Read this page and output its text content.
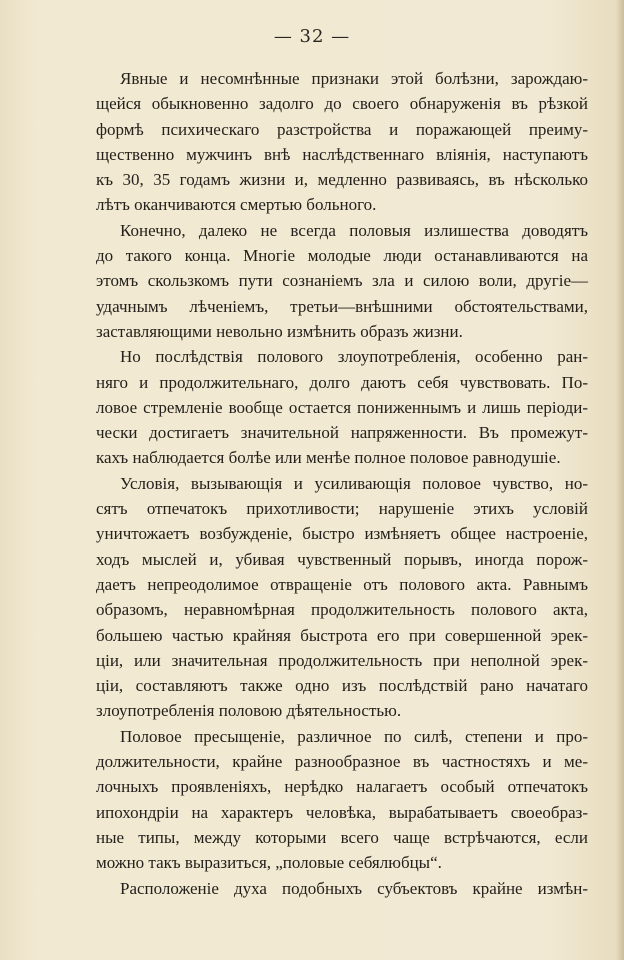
— 32 —
Явные и несомнѣнные признаки этой болѣзни, зарождаю-
щейся обыкновенно задолго до своего обнаруженія въ рѣзкой
формѣ психическаго разстройства и поражающей преиму-
щественно мужчинъ внѣ наслѣдственнаго вліянія, наступаютъ
къ 30, 35 годамъ жизни и, медленно развиваясь, въ нѣсколько
лѣтъ оканчиваются смертью больного.
Конечно, далеко не всегда половыя излишества доводятъ
до такого конца. Многіе молодые люди останавливаются на
этомъ скользкомъ пути сознаніемъ зла и силою воли, другіе—
удачнымъ лѣченіемъ, третьи—внѣшними обстоятельствами,
заставляющими невольно измѣнить образъ жизни.
Но послѣдствія полового злоупотребленія, особенно ран-
няго и продолжительнаго, долго даютъ себя чувствовать. По-
ловое стремленіе вообще остается пониженнымъ и лишь періоди-
чески достигаетъ значительной напряженности. Въ промежут-
кахъ наблюдается болѣе или менѣе полное половое равнодушіе.
Условія, вызывающія и усиливающія половое чувство, но-
сятъ отпечатокъ прихотливости; нарушеніе этихъ условій
уничтожаетъ возбужденіе, быстро измѣняетъ общее настроеніе,
ходъ мыслей и, убивая чувственный порывъ, иногда порож-
даетъ непреодолимое отвращеніе отъ полового акта. Равнымъ
образомъ, неравномѣрная продолжительность полового акта,
большею частью крайняя быстрота его при совершенной эрек-
ціи, или значительная продолжительность при неполной эрек-
ціи, составляютъ также одно изъ послѣдствій рано начатаго
злоупотребленія половою дѣятельностью.
Половое пресыщеніе, различное по силѣ, степени и про-
должительности, крайне разнообразное въ частностяхъ и ме-
лочныхъ проявленіяхъ, нерѣдко налагаетъ особый отпечатокъ
ипохондріи на характеръ человѣка, вырабатываетъ своеобраз-
ные типы, между которыми всего чаще встрѣчаются, если
можно такъ выразиться, „половые себялюбцы“.
Расположеніе духа подобныхъ субъектовъ крайне измѣн-
